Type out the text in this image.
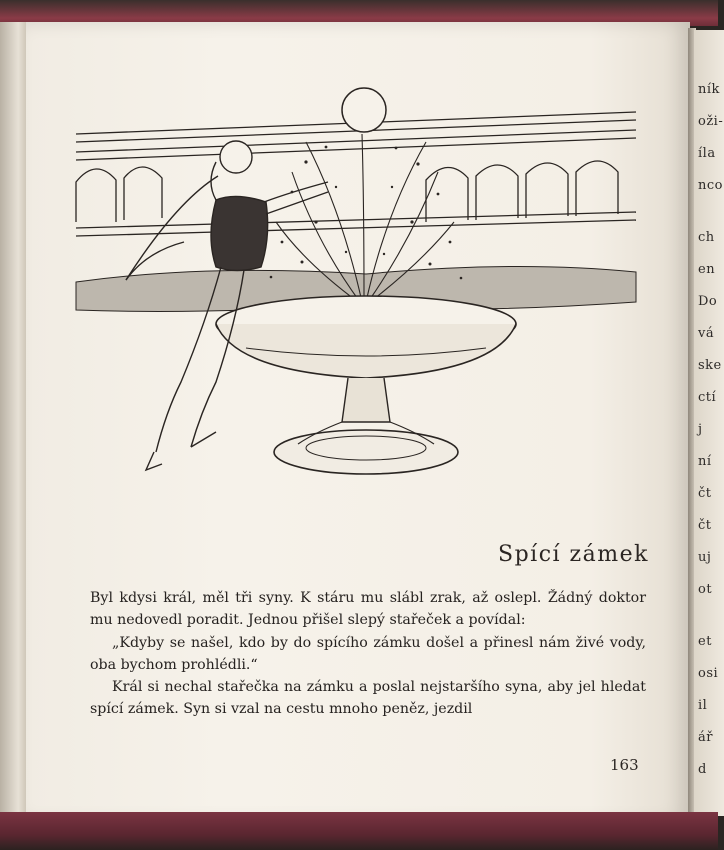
Spící zámek

Byl kdysi král, měl tři syny. K stáru mu slábl zrak, až oslepl. Žádný doktor mu nedovedl poradit. Jednou přišel slepý stařeček a povídal:

„Kdyby se našel, kdo by do spícího zámku došel a přinesl nám živé vody, oba bychom prohlédli.“

Král si nechal stařečka na zámku a poslal nejstaršího syna, aby jel hledat spící zámek. Syn si vzal na cestu mnoho peněz, jezdil

163
ník
oži-
íla
nco
ch
en
Do
vá
ske
ctí
j
ní
čt
čt
uj
ot
et
osi
il
ář
d
